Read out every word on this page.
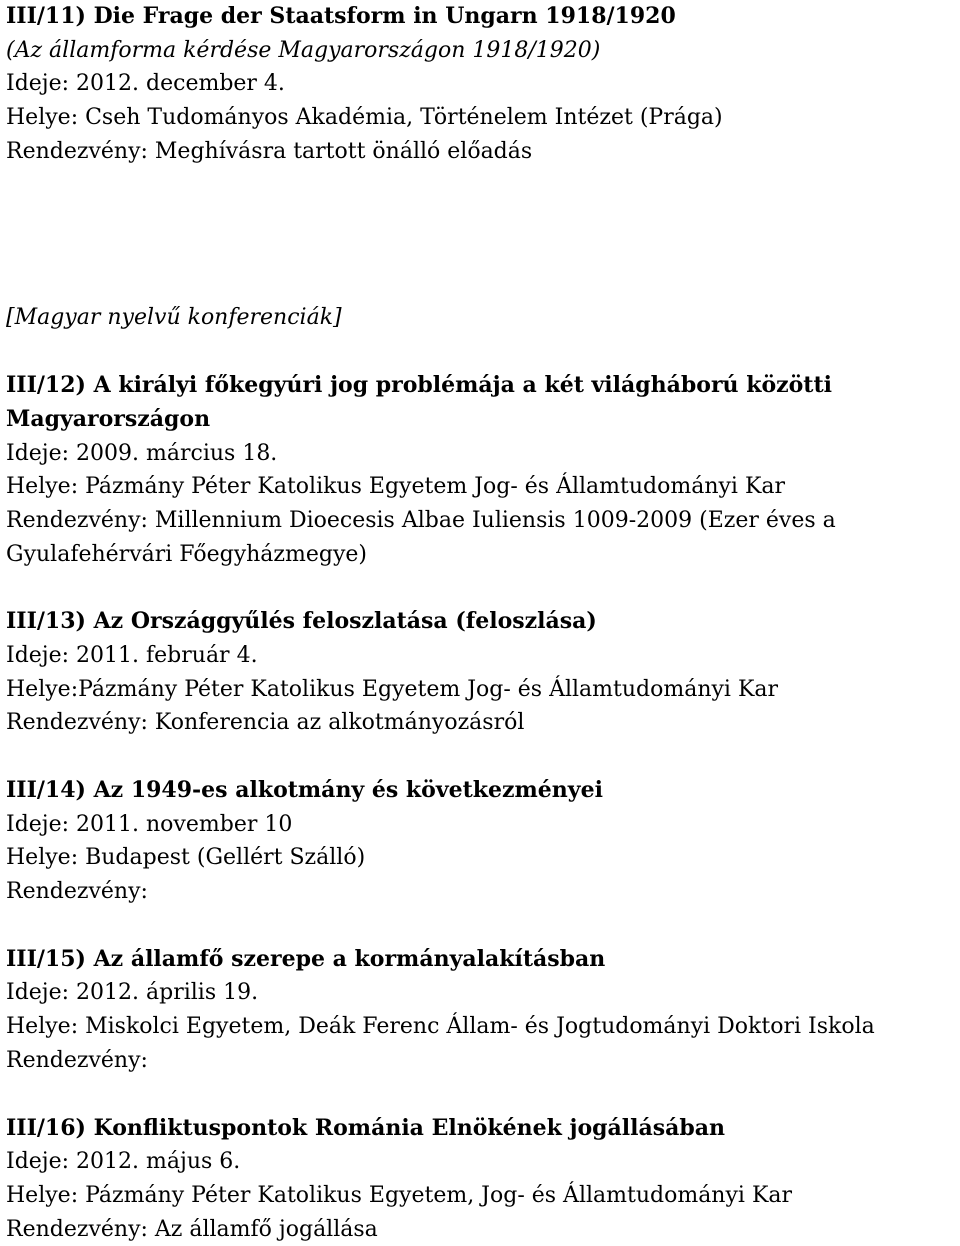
III/11) Die Frage der Staatsform in Ungarn 1918/1920

(Az államforma kérdése Magyarországon 1918/1920)

Ideje: 2012. december 4.

Helye: Cseh Tudományos Akadémia, Történelem Intézet (Prága)

Rendezvény: Meghívásra tartott önálló előadás

[Magyar nyelvű konferenciák]

III/12) A királyi főkegyúri jog problémája a két világháború közötti

Magyarországon

Ideje: 2009. március 18.

Helye: Pázmány Péter Katolikus Egyetem Jog- és Államtudományi Kar

Rendezvény: Millennium Dioecesis Albae Iuliensis 1009-2009 (Ezer éves a

Gyulafehérvári Főegyházmegye)

III/13) Az Országgyűlés feloszlatása (feloszlása)

Ideje: 2011. február 4.

Helye:Pázmány Péter Katolikus Egyetem Jog- és Államtudományi Kar

Rendezvény: Konferencia az alkotmányozásról

III/14) Az 1949-es alkotmány és következményei

Ideje: 2011. november 10

Helye: Budapest (Gellért Szálló)

Rendezvény:

III/15) Az államfő szerepe a kormányalakításban

Ideje: 2012. április 19.

Helye: Miskolci Egyetem, Deák Ferenc Állam- és Jogtudományi Doktori Iskola

Rendezvény:

III/16) Konfliktuspontok Románia Elnökének jogállásában

Ideje: 2012. május 6.

Helye: Pázmány Péter Katolikus Egyetem, Jog- és Államtudományi Kar

Rendezvény: Az államfő jogállása
